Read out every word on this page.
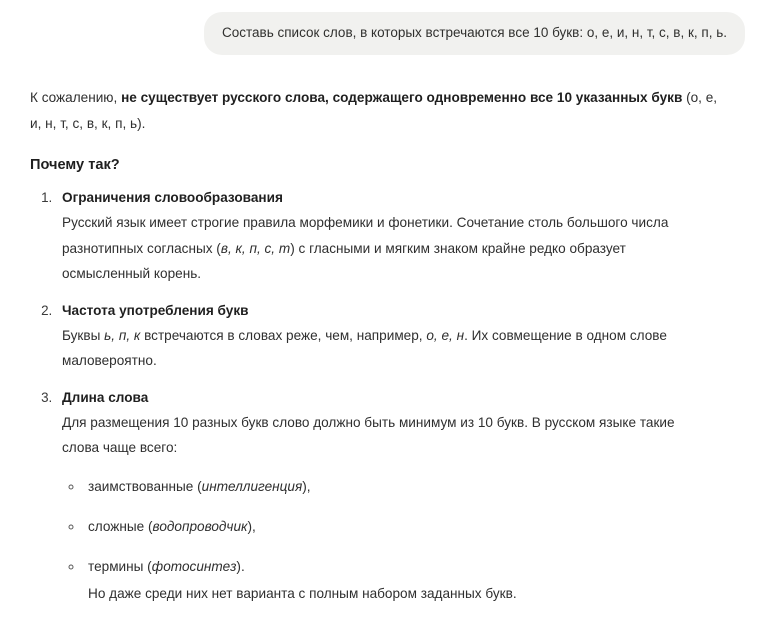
Составь список слов, в которых встречаются все 10 букв: о, е, и, н, т, с, в, к, п, ь.

К сожалению, не существует русского слова, содержащего одновременно все 10 указанных букв (о, е, и, н, т, с, в, к, п, ь).

Почему так?
1. Ограничения словообразования
Русский язык имеет строгие правила морфемики и фонетики. Сочетание столь большого числа разнотипных согласных (в, к, п, с, т) с гласными и мягким знаком крайне редко образует осмысленный корень.
2. Частота употребления букв
Буквы ь, п, к встречаются в словах реже, чем, например, о, е, н. Их совмещение в одном слове маловероятно.
3. Длина слова
Для размещения 10 разных букв слово должно быть минимум из 10 букв. В русском языке такие слова чаще всего:
◦ заимствованные (интеллигенция),
◦ сложные (водопроводчик),
◦ термины (фотосинтез).

Но даже среди них нет варианта с полным набором заданных букв.
